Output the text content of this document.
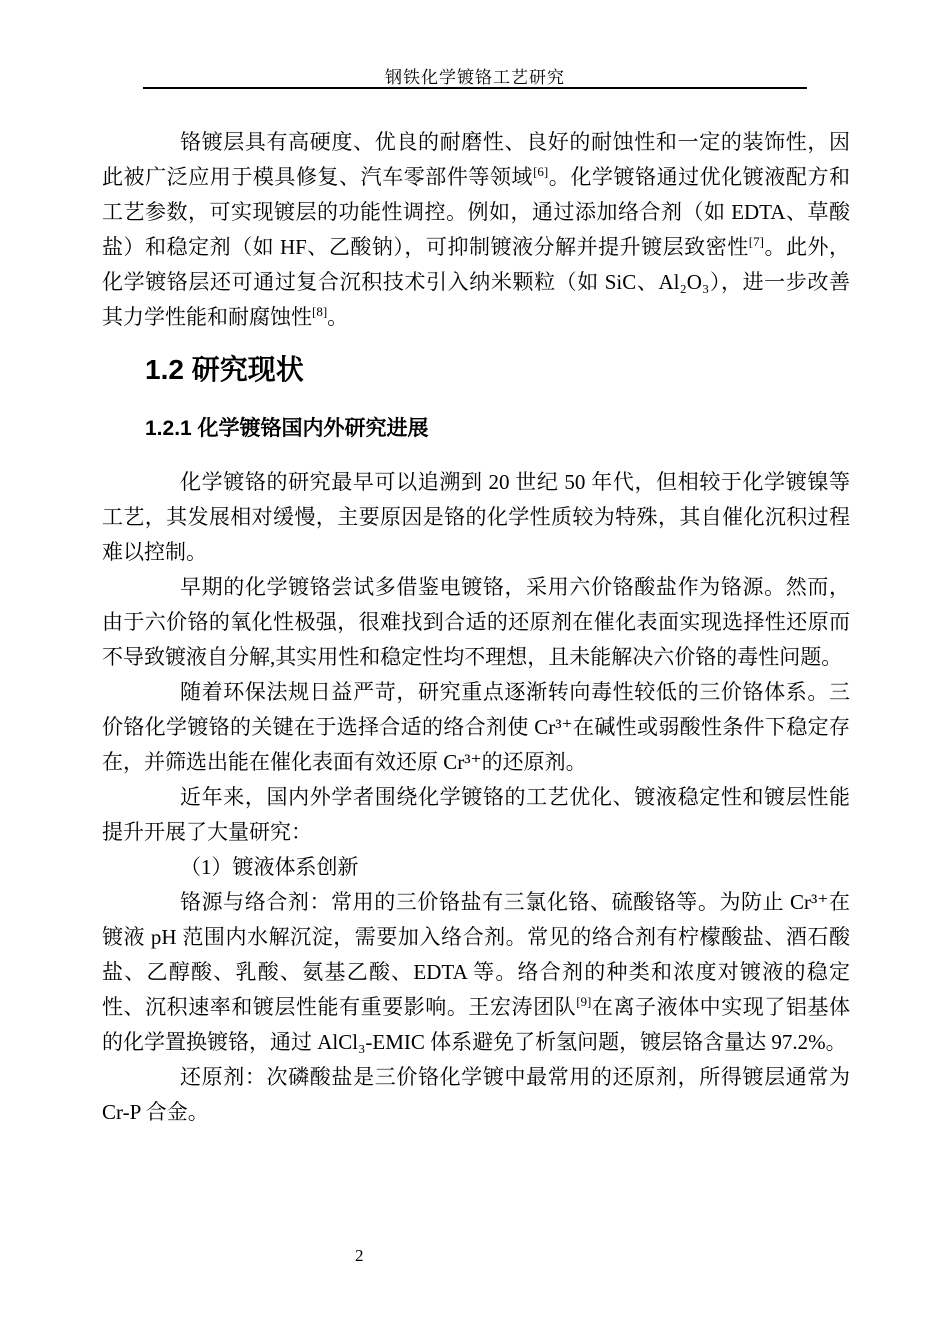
钢铁化学镀铬工艺研究

铬镀层具有高硬度、优良的耐磨性、良好的耐蚀性和一定的装饰性，因此被广泛应用于模具修复、汽车零部件等领域[6]。化学镀铬通过优化镀液配方和工艺参数，可实现镀层的功能性调控。例如，通过添加络合剂（如 EDTA、草酸盐）和稳定剂（如 HF、乙酸钠），可抑制镀液分解并提升镀层致密性[7]。此外，化学镀铬层还可通过复合沉积技术引入纳米颗粒（如 SiC、Al₂O₃），进一步改善其力学性能和耐腐蚀性[8]。

1.2 研究现状
1.2.1 化学镀铬国内外研究进展

化学镀铬的研究最早可以追溯到 20 世纪 50 年代，但相较于化学镀镍等工艺，其发展相对缓慢，主要原因是铬的化学性质较为特殊，其自催化沉积过程难以控制。

早期的化学镀铬尝试多借鉴电镀铬，采用六价铬酸盐作为铬源。然而，由于六价铬的氧化性极强，很难找到合适的还原剂在催化表面实现选择性还原而不导致镀液自分解,其实用性和稳定性均不理想，且未能解决六价铬的毒性问题。

随着环保法规日益严苛，研究重点逐渐转向毒性较低的三价铬体系。三价铬化学镀铬的关键在于选择合适的络合剂使 Cr³⁺在碱性或弱酸性条件下稳定存在，并筛选出能在催化表面有效还原 Cr³⁺的还原剂。

近年来，国内外学者围绕化学镀铬的工艺优化、镀液稳定性和镀层性能提升开展了大量研究：

（1）镀液体系创新

铬源与络合剂：常用的三价铬盐有三氯化铬、硫酸铬等。为防止 Cr³⁺在镀液 pH 范围内水解沉淀，需要加入络合剂。常见的络合剂有柠檬酸盐、酒石酸盐、乙醇酸、乳酸、氨基乙酸、EDTA 等。络合剂的种类和浓度对镀液的稳定性、沉积速率和镀层性能有重要影响。王宏涛团队[9]在离子液体中实现了铝基体的化学置换镀铬，通过 AlCl₃-EMIC 体系避免了析氢问题，镀层铬含量达 97.2%。

还原剂：次磷酸盐是三价铬化学镀中最常用的还原剂，所得镀层通常为 Cr-P 合金。

2
